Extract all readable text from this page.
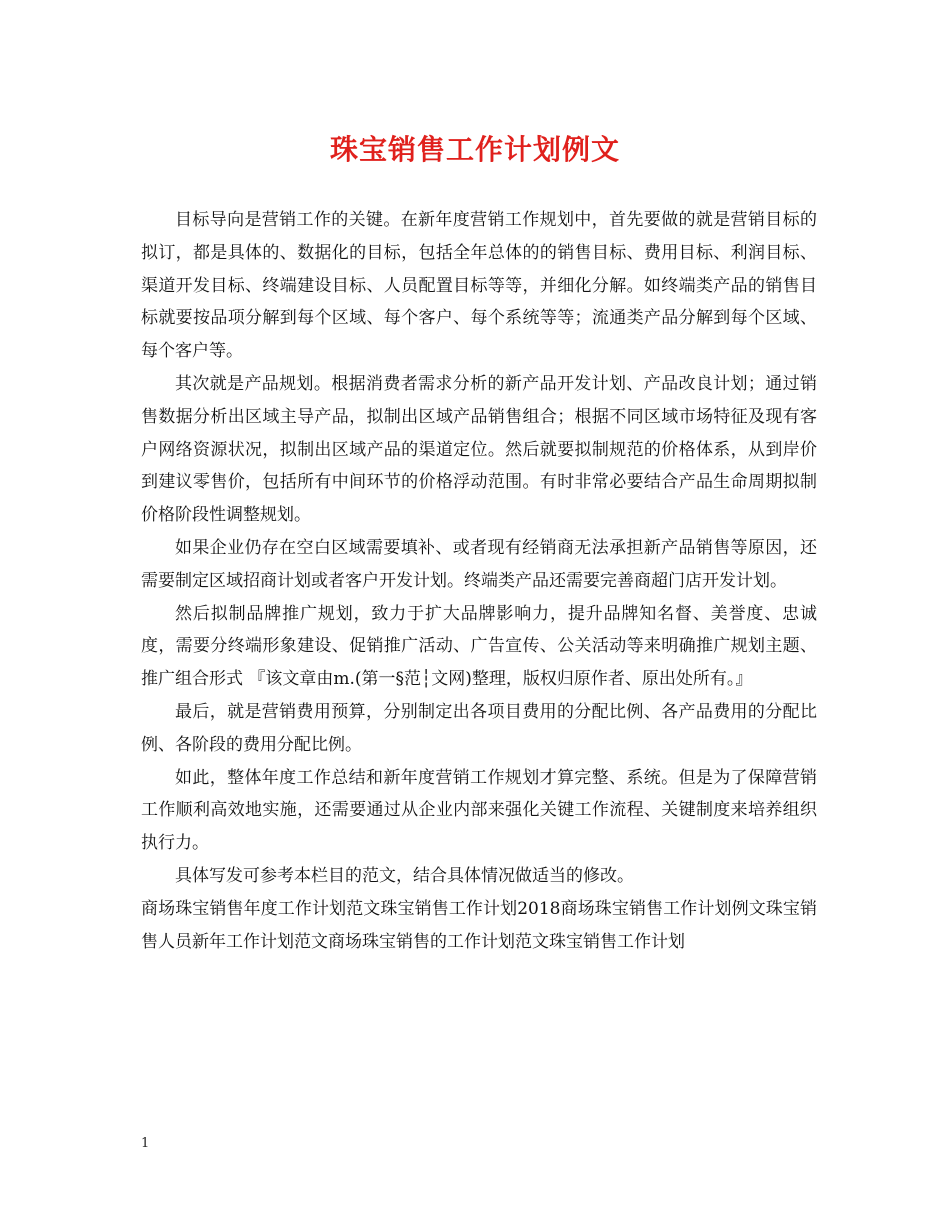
珠宝销售工作计划例文

目标导向是营销工作的关键。在新年度营销工作规划中，首先要做的就是营销目标的拟订，都是具体的、数据化的目标，包括全年总体的的销售目标、费用目标、利润目标、渠道开发目标、终端建设目标、人员配置目标等等，并细化分解。如终端类产品的销售目标就要按品项分解到每个区域、每个客户、每个系统等等；流通类产品分解到每个区域、每个客户等。

其次就是产品规划。根据消费者需求分析的新产品开发计划、产品改良计划；通过销售数据分析出区域主导产品，拟制出区域产品销售组合；根据不同区域市场特征及现有客户网络资源状况，拟制出区域产品的渠道定位。然后就要拟制规范的价格体系，从到岸价到建议零售价，包括所有中间环节的价格浮动范围。有时非常必要结合产品生命周期拟制价格阶段性调整规划。

如果企业仍存在空白区域需要填补、或者现有经销商无法承担新产品销售等原因，还需要制定区域招商计划或者客户开发计划。终端类产品还需要完善商超门店开发计划。

然后拟制品牌推广规划，致力于扩大品牌影响力，提升品牌知名督、美誉度、忠诚度，需要分终端形象建设、促销推广活动、广告宣传、公关活动等来明确推广规划主题、推广组合形式 『该文章由m.(第一§范┆文网)整理，版权归原作者、原出处所有。』

最后，就是营销费用预算，分别制定出各项目费用的分配比例、各产品费用的分配比例、各阶段的费用分配比例。

如此，整体年度工作总结和新年度营销工作规划才算完整、系统。但是为了保障营销工作顺利高效地实施，还需要通过从企业内部来强化关键工作流程、关键制度来培养组织执行力。

具体写发可参考本栏目的范文，结合具体情况做适当的修改。

商场珠宝销售年度工作计划范文珠宝销售工作计划2018商场珠宝销售工作计划例文珠宝销售人员新年工作计划范文商场珠宝销售的工作计划范文珠宝销售工作计划

1
